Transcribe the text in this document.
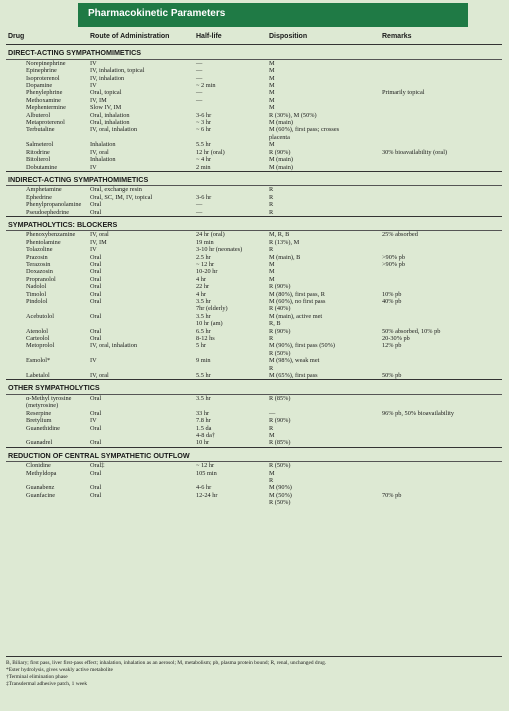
Pharmacokinetic Parameters
Drug	Route of Administration	Half-life	Disposition	Remarks
DIRECT-ACTING SYMPATHOMIMETICS				
Norepinephrine	IV	—	M	
Epinephrine	IV, inhalation, topical	—	M	
Isoproterenol	IV, inhalation	—	M	
Dopamine	IV	~ 2 min	M	
Phenylephrine	Oral, topical	—	M	Primarily topical
Methoxamine	IV, IM	—	M	
Mephentermine	Slow IV, IM		M	
Albuterol	Oral, inhalation	3-6 hr	R (30%), M (50%)	
Metaproterenol	Oral, inhalation	~ 3 hr	M (main)	
Terbutaline	IV, oral, inhalation	~ 6 hr	M (60%), first pass; crosses	
			placenta	
Salmeterol	Inhalation	5.5 hr	M	
Ritodrine	IV, oral	12 hr (oral)	R (90%)	30% bioavailability (oral)
Bitolterol	Inhalation	~ 4 hr	M (main)	
Dobutamine	IV	2 min	M (main)	
INDIRECT-ACTING SYMPATHOMIMETICS				
Amphetamine	Oral, exchange resin		R	
Ephedrine	Oral, SC, IM, IV, topical	3-6 hr	R	
Phenylpropanolamine	Oral	—	R	
Pseudoephedrine	Oral	—	R	
SYMPATHOLYTICS: BLOCKERS				
Phenoxybenzamine	IV, oral	24 hr (oral)	M, R, B	25% absorbed
Phentolamine	IV, IM	19 min	R (13%), M	
Tolazoline	IV	3-10 hr (neonates)	R	
Prazosin	Oral	2.5 hr	M (main), B	>90% pb
Terazosin	Oral	~ 12 hr	M	>90% pb
Doxazosin	Oral	10-20 hr	M	
Propranolol	Oral	4 hr	M	
Nadolol	Oral	22 hr	R (90%)	
Timolol	Oral	4 hr	M (80%), first pass, R	10% pb
Pindolol	Oral	3.5 hr	M (60%), no first pass	40% pb
		7hr (elderly)	R (40%)	
Acebutolol	Oral	3.5 hr	M (main), active met	
		10 hr (am)	R, B	
Atenolol	Oral	6.5 hr	R (90%)	50% absorbed, 10% pb
Carteolol	Oral	8-12 hs	R	20-30% pb
Metoprolol	IV, oral, inhalation	5 hr	M (90%), first pass (50%)	12% pb
			R (50%)	
Esmolol*	IV	9 min	M (98%), weak met	
			R	
Labetalol	IV, oral	5.5 hr	M (65%), first pass	50% pb
OTHER SYMPATHOLYTICS				
α-Methyl tyrosine	Oral	3.5 hr	R (85%)	
(metyrosine)				
Reserpine	Oral	33 hr	—	96% pb, 50% bioavailability
Bretylium	IV	7.8 hr	R (90%)	
Guanethidine	Oral	1.5 da	R	
		4-8 da†	M	
Guanadrel	Oral	10 hr	R (85%)	
REDUCTION OF CENTRAL SYMPATHETIC OUTFLOW				
Clonidine	Oral‡	~ 12 hr	R (50%)	
Methyldopa	Oral	105 min	M	
			R	
Guanabenz	Oral	4-6 hr	M (90%)	
Guanfacine	Oral	12-24 hr	M (50%)	70% pb
			R (50%)	
B, Biliary; first pass, liver first-pass effect; inhalation, inhalation as an aerosol; M, metabolism; pb, plasma protein bound; R, renal, unchanged drug.
*Ester hydrolysis, gives weakly active metabolite
†Terminal elimination phase
‡Transdermal adhesive patch, 1 week
